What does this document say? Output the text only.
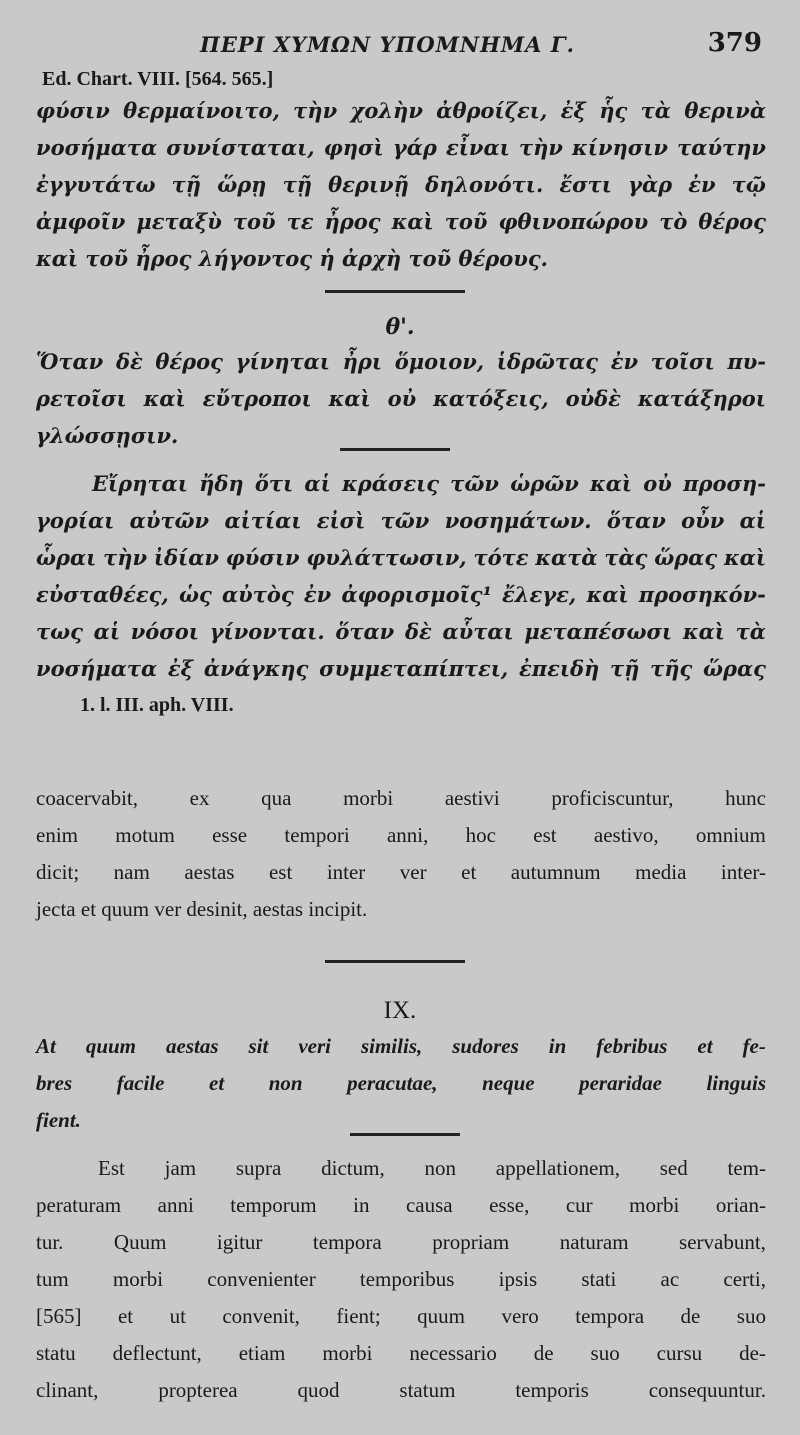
ΠΕΡΙ ΧΥΜΩΝ ΥΠΟΜΝΗΜΑ Γ.	379
Ed. Chart. VIII. [564. 565.]
φύσιν θερμαίνοιτο, τὴν χολὴν ἀθροίζει, ἐξ ἧς τὰ θερινὰ
νοσήματα συνίσταται, φησὶ γάρ εἶναι τὴν κίνησιν ταύτην
ἐγγυτάτω τῇ ὥρῃ τῇ θερινῇ δηλονότι. ἔστι γὰρ ἐν τῷ
ἀμφοῖν μεταξὺ τοῦ τε ἦρος καὶ τοῦ φθινοπώρου τὸ θέρος
καὶ τοῦ ἦρος λήγοντος ἡ ἀρχὴ τοῦ θέρους.
θ'.
Ὅταν δὲ θέρος γίνηται ἦρι ὅμοιον, ἱδρῶτας ἐν τοῖσι πυ-
ρετοῖσι καὶ εὔτροποι καὶ οὐ κατόξεις, οὐδὲ κατάξηροι
γλώσσῃσιν.
Εἴρηται ἤδη ὅτι αἱ κράσεις τῶν ὡρῶν καὶ οὐ προση-
γορίαι αὐτῶν αἰτίαι εἰσὶ τῶν νοσημάτων. ὅταν οὖν αἱ
ὧραι τὴν ἰδίαν φύσιν φυλάττωσιν, τότε κατὰ τὰς ὥρας καὶ
εὐσταθέες, ὡς αὐτὸς ἐν ἀφορισμοῖς¹ ἔλεγε, καὶ προσηκόν-
τως αἱ νόσοι γίνονται. ὅταν δὲ αὗται μεταπέσωσι καὶ τὰ
νοσήματα ἐξ ἀνάγκης συμμεταπίπτει, ἐπειδὴ τῇ τῆς ὥρας
1. l. III. aph. VIII.
coacervabit, ex qua morbi aestivi proficiscuntur, hunc
enim motum esse tempori anni, hoc est aestivo, omnium
dicit; nam aestas est inter ver et autumnum media inter-
jecta et quum ver desinit, aestas incipit.
IX.
At quum aestas sit veri similis, sudores in febribus et fe-
bres facile et non peracutae, neque peraridae linguis
fient.
Est jam supra dictum, non appellationem, sed tem-
peraturam anni temporum in causa esse, cur morbi orian-
tur. Quum igitur tempora propriam naturam servabunt,
tum morbi convenienter temporibus ipsis stati ac certi,
[565] et ut convenit, fient; quum vero tempora de suo
statu deflectunt, etiam morbi necessario de suo cursu de-
clinant,	propterea	quod	statum	temporis	consequuntur.
